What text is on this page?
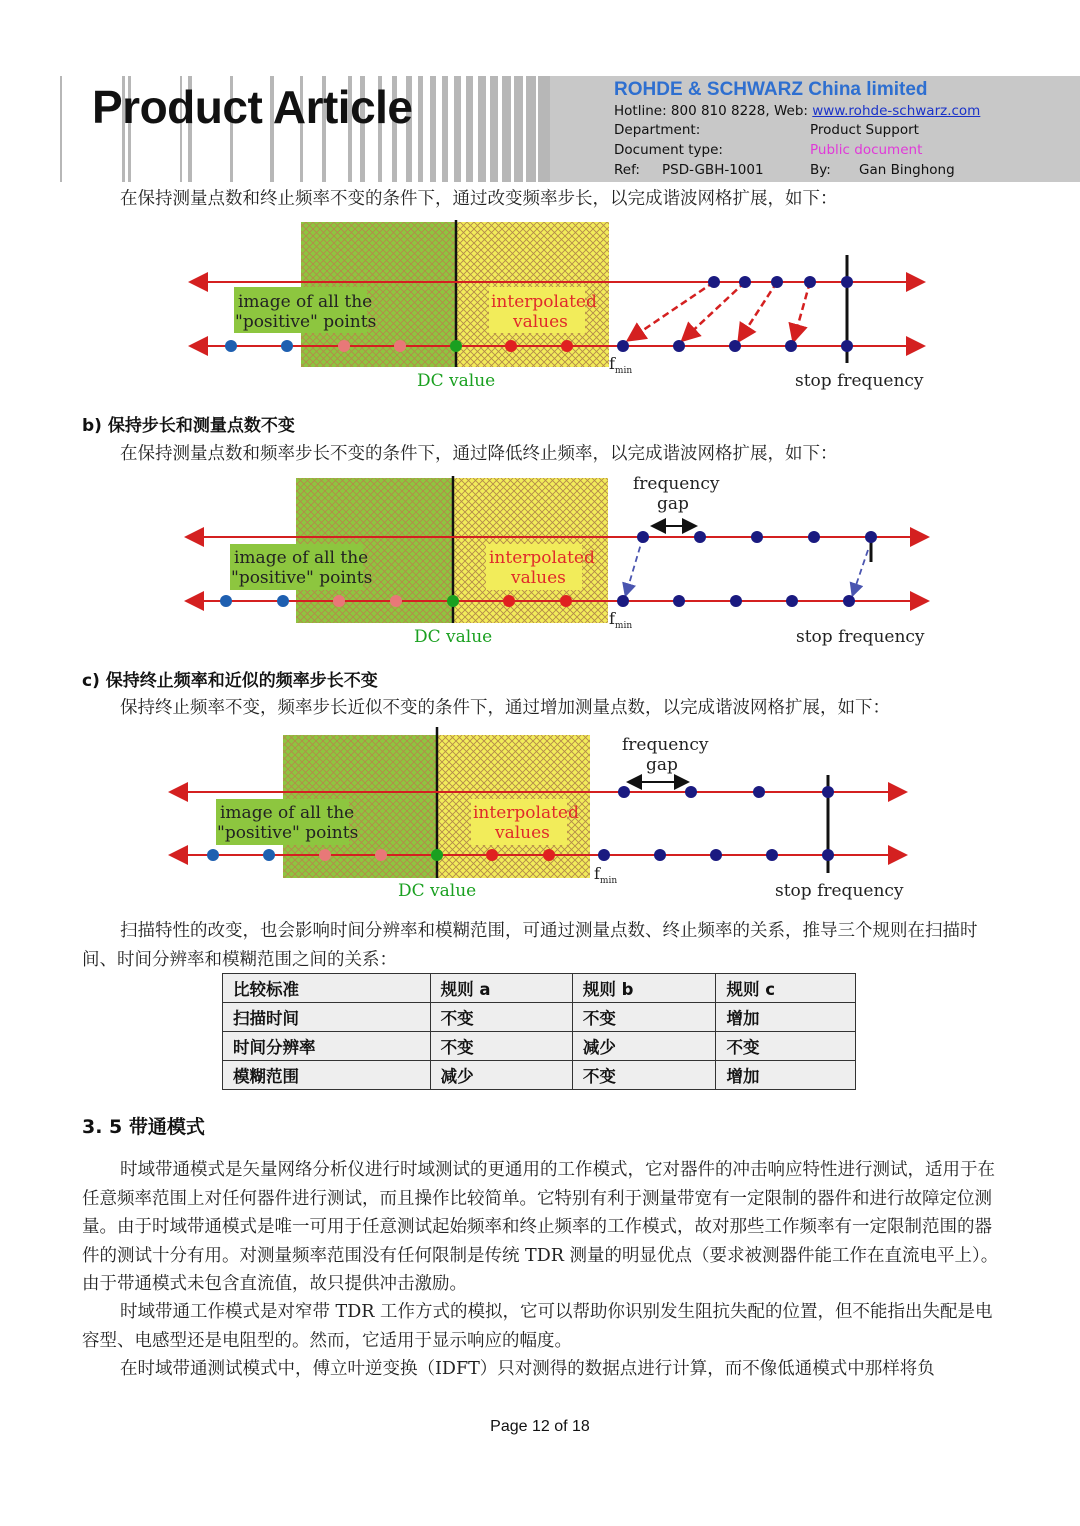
Product Article	ROHDE & SCHWARZ China limited
Hotline: 800 810 8228, Web: www.rohde-schwarz.com
Department:	Product Support
Document type:	Public document
Ref: PSD-GBH-1001	By: Gan Binghong
在保持测量点数和终止频率不变的条件下，通过改变频率步长，以完成谐波网格扩展，如下：
image of all the
"positive" points
interpolated
values
DC value
$f_{min}$	stop frequency
b) 保持步长和测量点数不变
在保持测量点数和频率步长不变的条件下，通过降低终止频率，以完成谐波网格扩展，如下：
image of all the
"positive" points
interpolated
values
frequency
gap
DC value
$f_{min}$
stop frequency
c) 保持终止频率和近似的频率步长不变
保持终止频率不变，频率步长近似不变的条件下，通过增加测量点数，以完成谐波网格扩展，如下：
image of all the
"positive" points
interpolated
values
frequency
gap
DC value
$f_{min}$	stop frequency
扫描特性的改变，也会影响时间分辨率和模糊范围，可通过测量点数、终止频率的关系，推导三个规则在扫描时间、时间分辨率和模糊范围之间的关系：
比较标准	规则 a	规则 b	规则 c
扫描时间	不变	不变	增加
时间分辨率	不变	减少	不变
模糊范围	减少	不变	增加
3. 5 带通模式
时域带通模式是矢量网络分析仪进行时域测试的更通用的工作模式，它对器件的冲击响应特性进行测试，适用于在任意频率范围上对任何器件进行测试，而且操作比较简单。它特别有利于测量带宽有一定限制的器件和进行故障定位测量。由于时域带通模式是唯一可用于任意测试起始频率和终止频率的工作模式，故对那些工作频率有一定限制范围的器件的测试十分有用。对测量频率范围没有任何限制是传统 TDR 测量的明显优点（要求被测器件能工作在直流电平上）。由于带通模式未包含直流值，故只提供冲击激励。
时域带通工作模式是对窄带 TDR 工作方式的模拟，它可以帮助你识别发生阻抗失配的位置，但不能指出失配是电容型、电感型还是电阻型的。然而，它适用于显示响应的幅度。
在时域带通测试模式中，傅立叶逆变换（IDFT）只对测得的数据点进行计算，而不像低通模式中那样将负
Page 12 of 18
